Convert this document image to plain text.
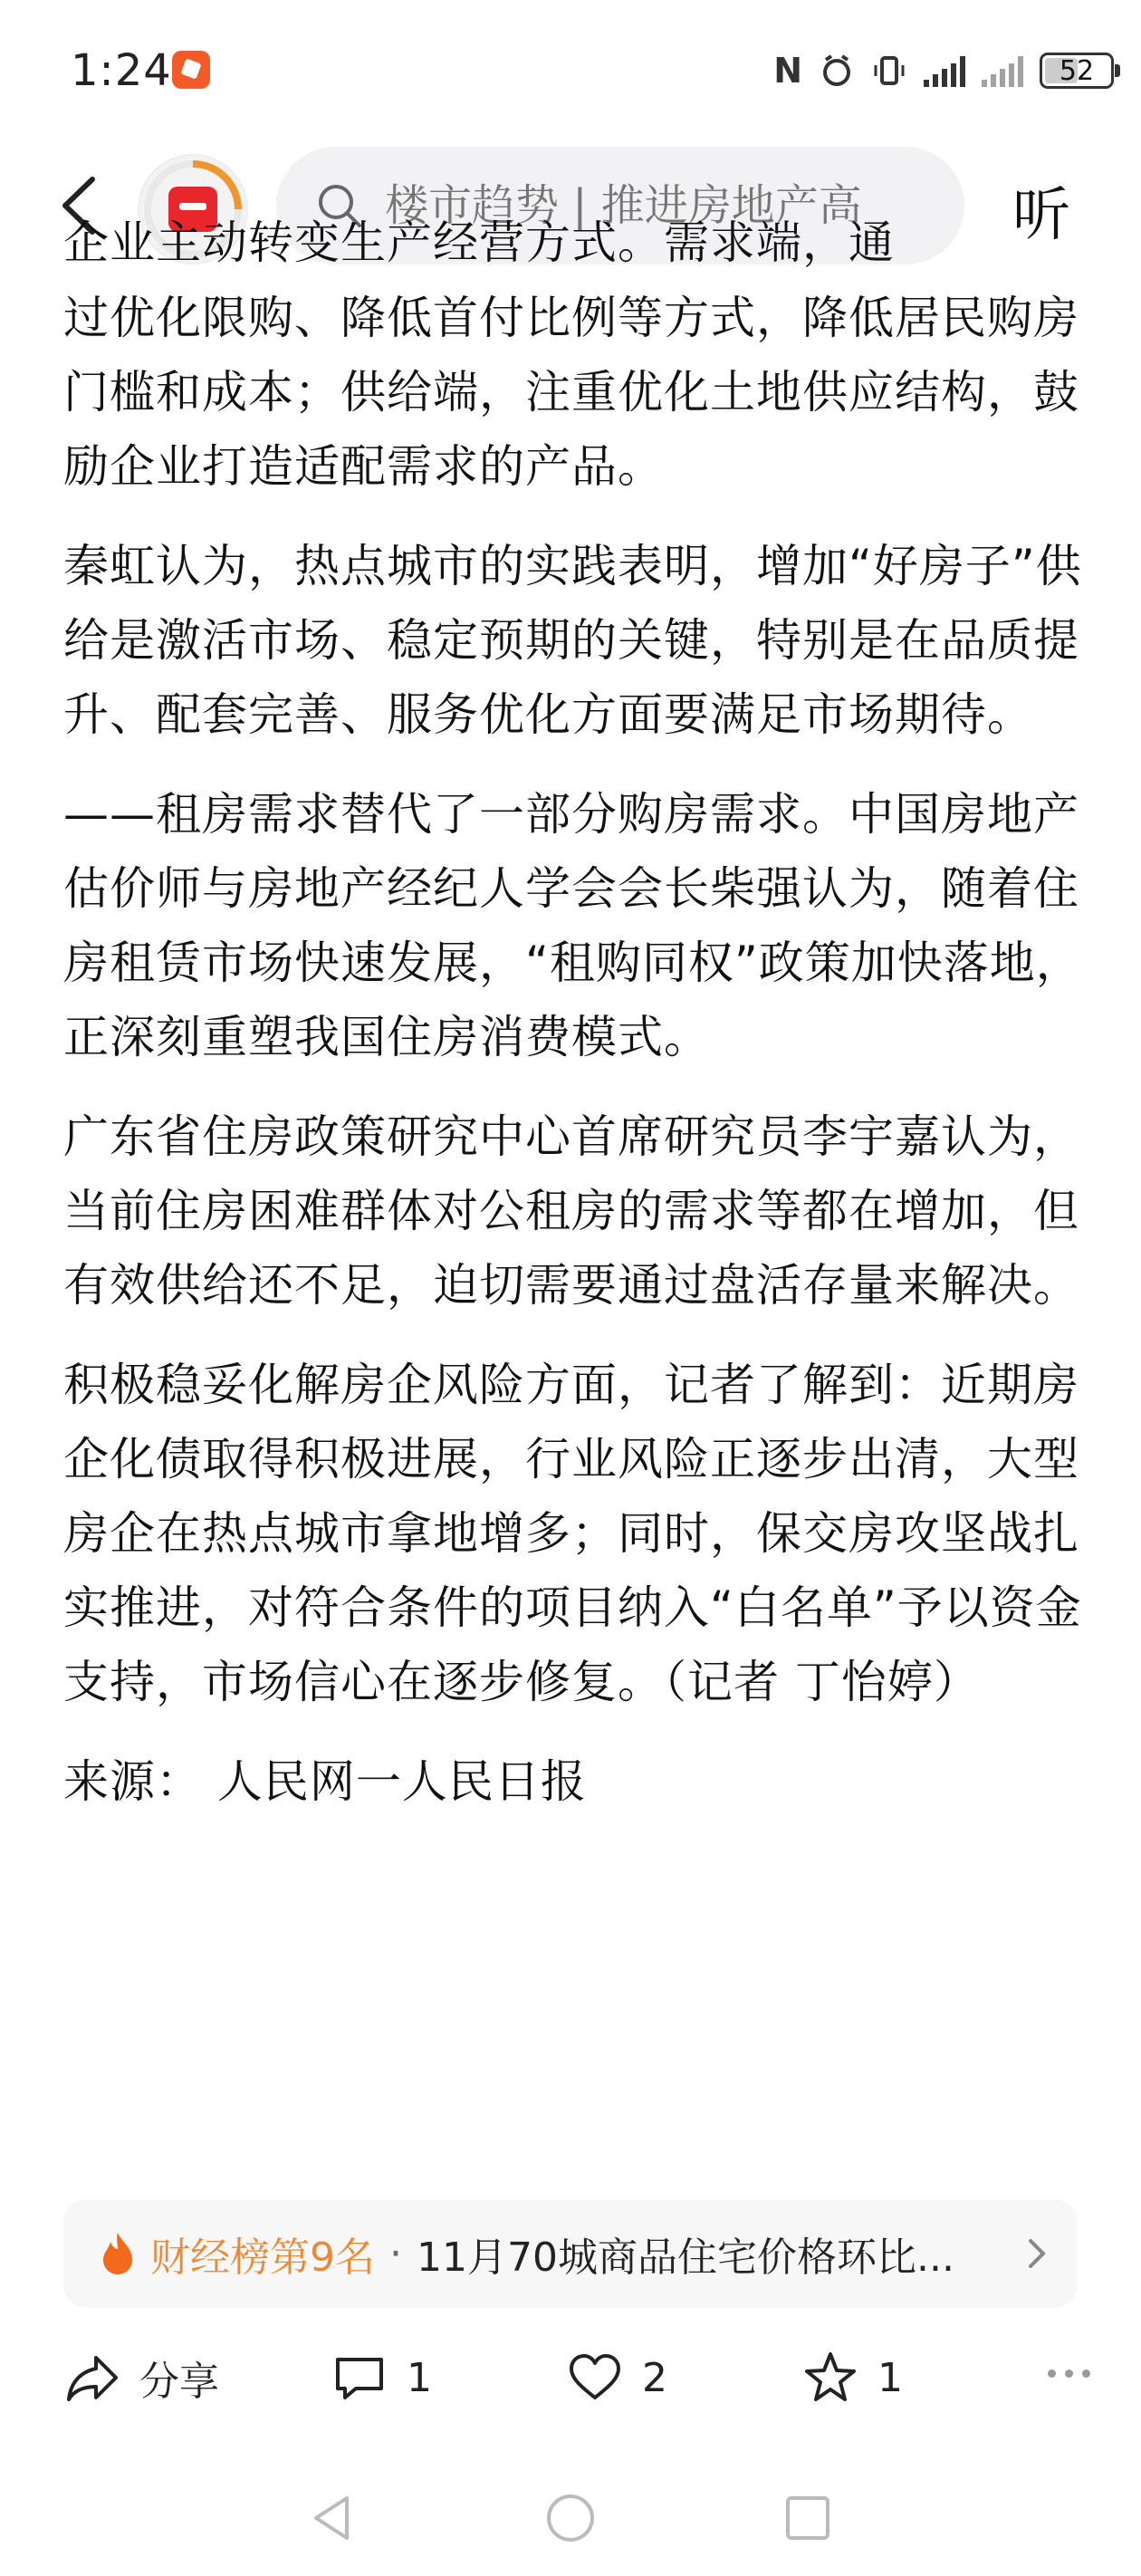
1:24	N	52
楼市趋势 | 推进房地产高
听
企业主动转变生产经营方式。需求端，通

过优化限购、降低首付比例等方式，降低居民购房门槛和成本；供给端，注重优化土地供应结构，鼓励企业打造适配需求的产品。

秦虹认为，热点城市的实践表明，增加“好房子”供给是激活市场、稳定预期的关键，特别是在品质提升、配套完善、服务优化方面要满足市场期待。

——租房需求替代了一部分购房需求。中国房地产估价师与房地产经纪人学会会长柴强认为，随着住房租赁市场快速发展，“租购同权”政策加快落地，正深刻重塑我国住房消费模式。

广东省住房政策研究中心首席研究员李宇嘉认为，当前住房困难群体对公租房的需求等都在增加，但有效供给还不足，迫切需要通过盘活存量来解决。

积极稳妥化解房企风险方面，记者了解到：近期房企化债取得积极进展，行业风险正逐步出清，大型房企在热点城市拿地增多；同时，保交房攻坚战扎实推进，对符合条件的项目纳入“白名单”予以资金支持，市场信心在逐步修复。（记者 丁怡婷）

来源： 人民网一人民日报

财经榜第9名 · 11月70城商品住宅价格环比...
分享	1	2	1
